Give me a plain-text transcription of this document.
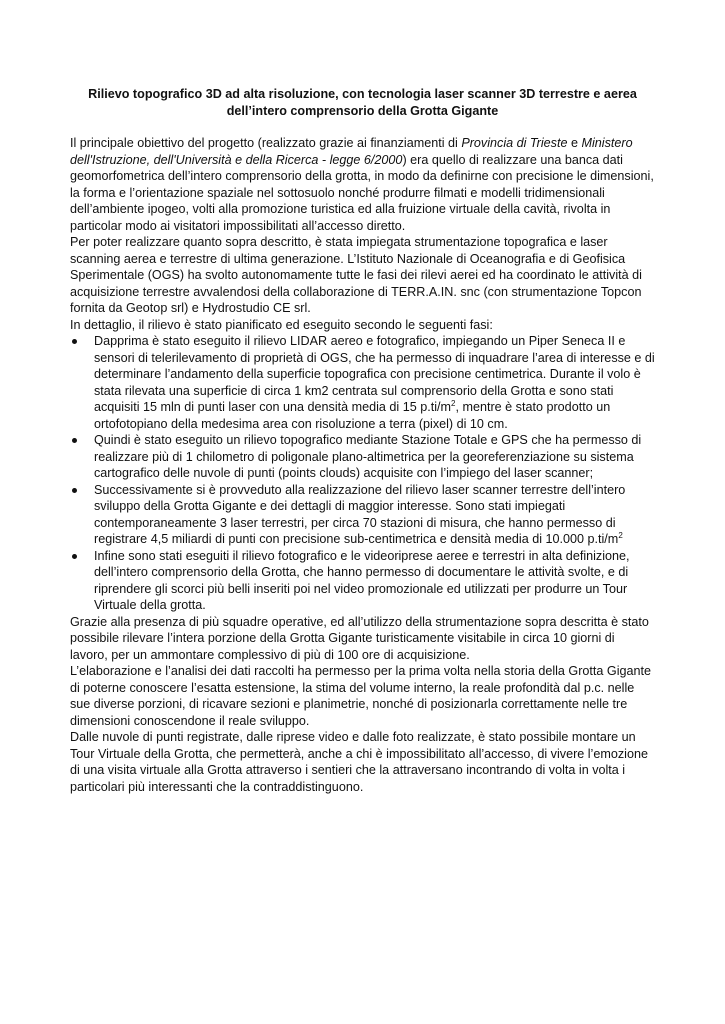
Rilievo topografico 3D ad alta risoluzione, con tecnologia laser scanner 3D terrestre e aerea dell’intero comprensorio della Grotta Gigante

Il principale obiettivo del progetto (realizzato grazie ai finanziamenti di Provincia di Trieste e Ministero dell'Istruzione, dell'Università e della Ricerca - legge 6/2000) era quello di realizzare una banca dati geomorfometrica dell’intero comprensorio della grotta, in modo da definirne con precisione le dimensioni, la forma e l’orientazione spaziale nel sottosuolo nonché produrre filmati e modelli tridimensionali dell’ambiente ipogeo, volti alla promozione turistica ed alla fruizione virtuale della cavità, rivolta in particolar modo ai visitatori impossibilitati all’accesso diretto.

Per poter realizzare quanto sopra descritto, è stata impiegata strumentazione topografica e laser scanning aerea e terrestre di ultima generazione. L’Istituto Nazionale di Oceanografia e di Geofisica Sperimentale (OGS) ha svolto autonomamente tutte le fasi dei rilevi aerei ed ha coordinato le attività di acquisizione terrestre avvalendosi della collaborazione di TERR.A.IN. snc (con strumentazione Topcon fornita da Geotop srl) e Hydrostudio CE srl.

In dettaglio, il rilievo è stato pianificato ed eseguito secondo le seguenti fasi:

Dapprima è stato eseguito il rilievo LIDAR aereo e fotografico, impiegando un Piper Seneca II e sensori di telerilevamento di proprietà di OGS, che ha permesso di inquadrare l’area di interesse e di determinare l’andamento della superficie topografica con precisione centimetrica. Durante il volo è stata rilevata una superficie di circa 1 km2 centrata sul comprensorio della Grotta e sono stati acquisiti 15 mln di punti laser con una densità media di 15 $p.ti/m^2$, mentre è stato prodotto un ortofotopiano della medesima area con risoluzione a terra (pixel) di 10 cm.
Quindi è stato eseguito un rilievo topografico mediante Stazione Totale e GPS che ha permesso di realizzare più di 1 chilometro di poligonale plano-altimetrica per la georeferenziazione su sistema cartografico delle nuvole di punti (points clouds) acquisite con l’impiego del laser scanner;
Successivamente si è provveduto alla realizzazione del rilievo laser scanner terrestre dell’intero sviluppo della Grotta Gigante e dei dettagli di maggior interesse. Sono stati impiegati contemporaneamente 3 laser terrestri, per circa 70 stazioni di misura, che hanno permesso di registrare 4,5 miliardi di punti con precisione sub-centimetrica e densità media di 10.000 $p.ti/m^2$
Infine sono stati eseguiti il rilievo fotografico e le videoriprese aeree e terrestri in alta definizione, dell’intero comprensorio della Grotta, che hanno permesso di documentare le attività svolte, e di riprendere gli scorci più belli inseriti poi nel video promozionale ed utilizzati per produrre un Tour Virtuale della grotta.

Grazie alla presenza di più squadre operative, ed all’utilizzo della strumentazione sopra descritta è stato possibile rilevare l’intera porzione della Grotta Gigante turisticamente visitabile in circa 10 giorni di lavoro, per un ammontare complessivo di più di 100 ore di acquisizione.

L’elaborazione e l’analisi dei dati raccolti ha permesso per la prima volta nella storia della Grotta Gigante di poterne conoscere l’esatta estensione, la stima del volume interno, la reale profondità dal p.c. nelle sue diverse porzioni, di ricavare sezioni e planimetrie, nonché di posizionarla correttamente nelle tre dimensioni conoscendone il reale sviluppo.

Dalle nuvole di punti registrate, dalle riprese video e dalle foto realizzate, è stato possibile montare un Tour Virtuale della Grotta, che permetterà, anche a chi è impossibilitato all’accesso, di vivere l’emozione di una visita virtuale alla Grotta attraverso i sentieri che la attraversano incontrando di volta in volta i particolari più interessanti che la contraddistinguono.
